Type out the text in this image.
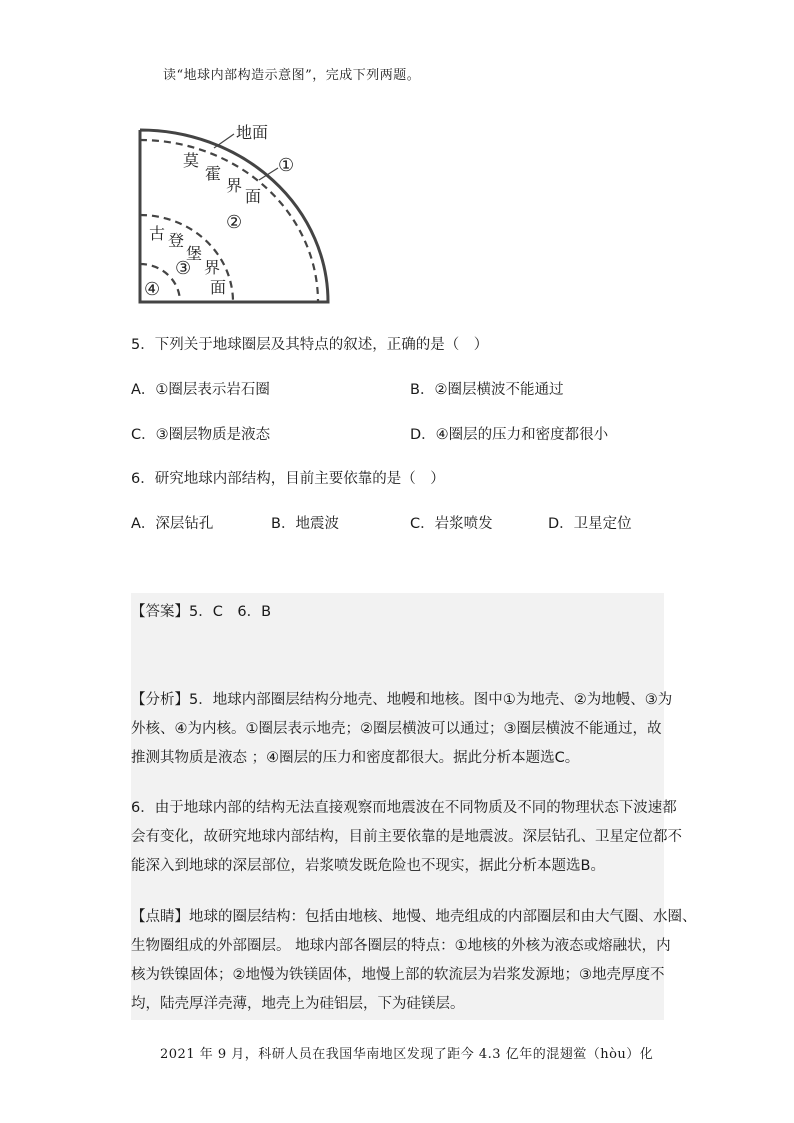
读“地球内部构造示意图”，完成下列两题。
地面
①
莫
霍
界
面
②
古 登
堡
界
面
③
④
5．下列关于地球圈层及其特点的叙述，正确的是（　）
A．①圈层表示岩石圈	B．②圈层横波不能通过
C．③圈层物质是液态	D．④圈层的压力和密度都很小
6．研究地球内部结构，目前主要依靠的是（　）
A．深层钻孔	B．地震波	C．岩浆喷发	D．卫星定位
【答案】5．C　6．B
【分析】5．地球内部圈层结构分地壳、地幔和地核。图中①为地壳、②为地幔、③为
外核、④为内核。①圈层表示地壳；②圈层横波可以通过；③圈层横波不能通过，故
推测其物质是液态 ；④圈层的压力和密度都很大。据此分析本题选C。
6．由于地球内部的结构无法直接观察而地震波在不同物质及不同的物理状态下波速都
会有变化，故研究地球内部结构，目前主要依靠的是地震波。深层钻孔、卫星定位都不
能深入到地球的深层部位，岩浆喷发既危险也不现实，据此分析本题选B。
【点睛】地球的圈层结构：包括由地核、地慢、地壳组成的内部圈层和由大气圈、水圈、
生物圈组成的外部圈层。 地球内部各圈层的特点：①地核的外核为液态或熔融状，内
核为铁镍固体；②地慢为铁镁固体，地慢上部的软流层为岩浆发源地；③地壳厚度不
均，陆壳厚洋壳薄，地壳上为硅铝层，下为硅镁层。
2021 年 9 月，科研人员在我国华南地区发现了距今 4.3 亿年的混翅鲎（hòu）化
